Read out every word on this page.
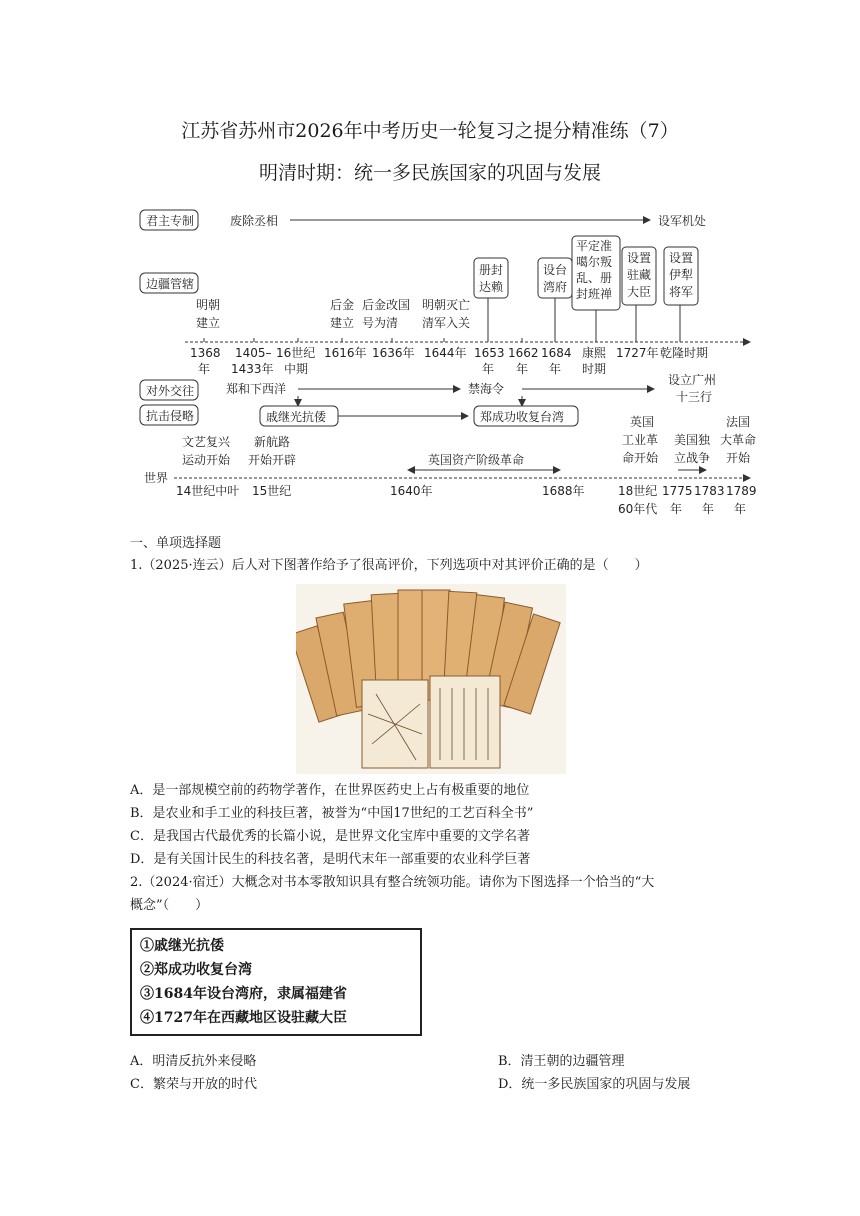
江苏省苏州市2026年中考历史一轮复习之提分精准练（7）
明清时期：统一多民族国家的巩固与发展
君主专制
边疆管辖
对外交往
抗击侵略
废除丞相	设军机处
册封
达赖
设台
湾府
平定准
噶尔叛
乱、册
封班禅
设置
驻藏
大臣
设置
伊犁
将军
明朝
建立
后金
建立
后金改国
号为清
明朝灭亡
清军入关
1368
年
1405–
1433年
16世纪
中期
1616年 1636年 1644年 1653
年
1662
年
1684
年
康熙
时期
1727年 乾隆时期
郑和下西洋	禁海令
设立广州
十三行
戚继光抗倭	郑成功收复台湾
文艺复兴
运动开始
新航路
开始开辟	英国资产阶级革命
英国
工业革
命开始
美国独
立战争
法国
大革命
开始
世界
14世纪中叶 15世纪	1640年	1688年	18世纪
60年代
1775
年
1783
年
1789
年
一、单项选择题
1.（2025·连云）后人对下图著作给予了很高评价，下列选项中对其评价正确的是（　　）
A．是一部规模空前的药物学著作，在世界医药史上占有极重要的地位
B．是农业和手工业的科技巨著，被誉为“中国17世纪的工艺百科全书”
C．是我国古代最优秀的长篇小说，是世界文化宝库中重要的文学名著
D．是有关国计民生的科技名著，是明代末年一部重要的农业科学巨著
2.（2024·宿迁）大概念对书本零散知识具有整合统领功能。请你为下图选择一个恰当的“大
概念”（　　）
①戚继光抗倭
②郑成功收复台湾
③1684年设台湾府，隶属福建省
④1727年在西藏地区设驻藏大臣
A．明清反抗外来侵略	B．清王朝的边疆管理
C．繁荣与开放的时代	D．统一多民族国家的巩固与发展
